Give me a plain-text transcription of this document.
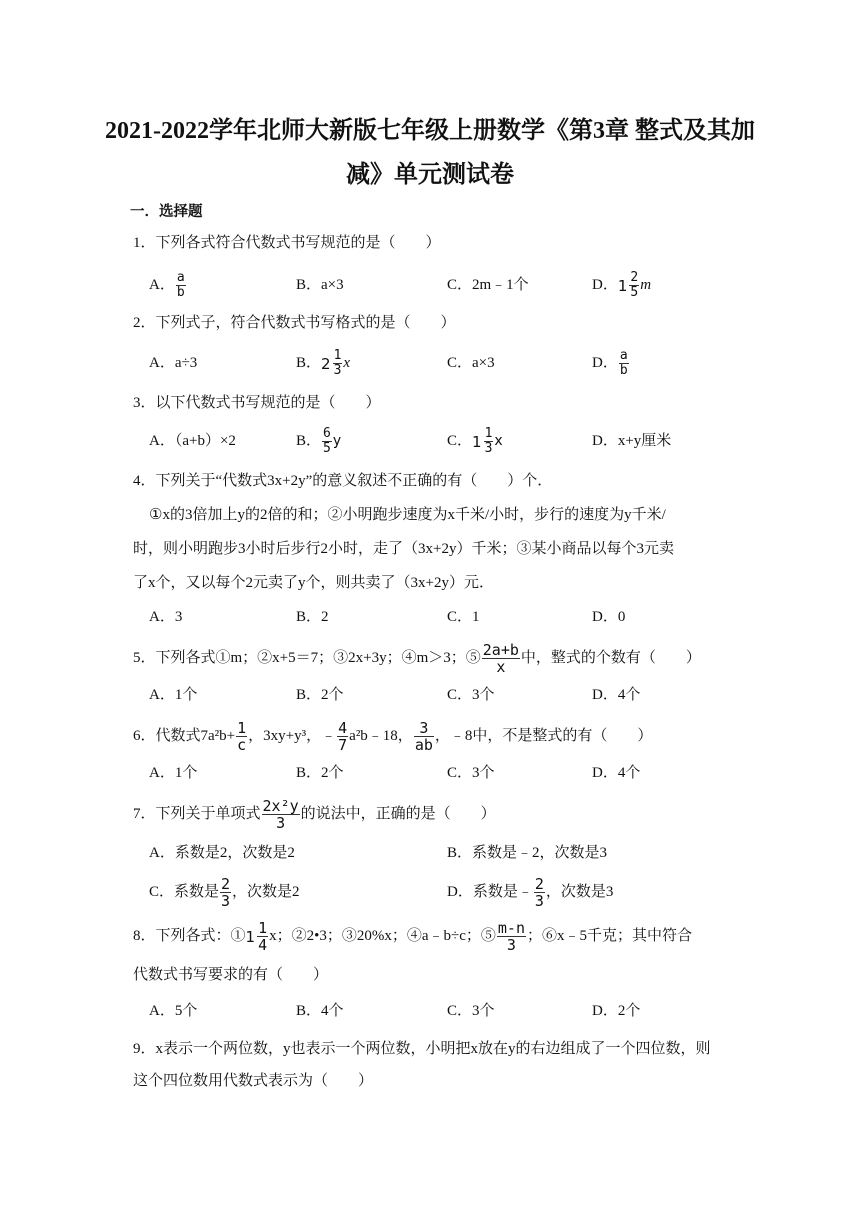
2021-2022学年北师大新版七年级上册数学《第3章 整式及其加
减》单元测试卷
一．选择题
1．下列各式符合代数式书写规范的是（　　）
A． $\frac{a}{b}$	B．a×3	C．2m﹣1个	D． $1 \frac{2}{5}$ m
2．下列式子，符合代数式书写格式的是（　　）
A．a÷3	B． $2 \frac{1}{3}$ x	C．a×3	D． $\frac{a}{b}$
3．以下代数式书写规范的是（　　）
A．（a+b）×2	B． $\frac{6}{5}$ y	C． $1 \frac{1}{3}$ x	D．x+y厘米
4．下列关于“代数式3x+2y”的意义叙述不正确的有（　　）个．
①x的3倍加上y的2倍的和；②小明跑步速度为x千米/小时，步行的速度为y千米/
时，则小明跑步3小时后步行2小时，走了（3x+2y）千米；③某小商品以每个3元卖
了x个，又以每个2元卖了y个，则共卖了（3x+2y）元．
A．3	B．2	C．1	D．0
5．下列各式①m；②x+5＝7；③2x+3y；④m＞3；⑤ $\frac{2a+b}{x}$ 中，整式的个数有（　　）
A．1个	B．2个	C．3个	D．4个
6．代数式$7a^2b+ \frac{1}{c}$ ，3xy+y³，﹣ $\frac{4}{7}$ a²b﹣18， $\frac{3}{ab}$ ，﹣8中，不是整式的有（　　）
A．1个	B．2个	C．3个	D．4个
7．下列关于单项式 $\frac{\text{2x²y}}{3}$ 的说法中，正确的是（　　）
A．系数是2，次数是2	B．系数是﹣2，次数是3
C．系数是 $\frac{2}{3}$ ，次数是2	D．系数是﹣ $\frac{2}{3}$ ，次数是3
8．下列各式：① $1 \frac{1}{4}$ x；②2•3；③20%x；④a﹣b÷c；⑤ $\frac{m-n}{3}$ ；⑥x﹣5千克；其中符合
代数式书写要求的有（　　）
A．5个	B．4个	C．3个	D．2个
9．x表示一个两位数，y也表示一个两位数，小明把x放在y的右边组成了一个四位数，则
这个四位数用代数式表示为（　　）
